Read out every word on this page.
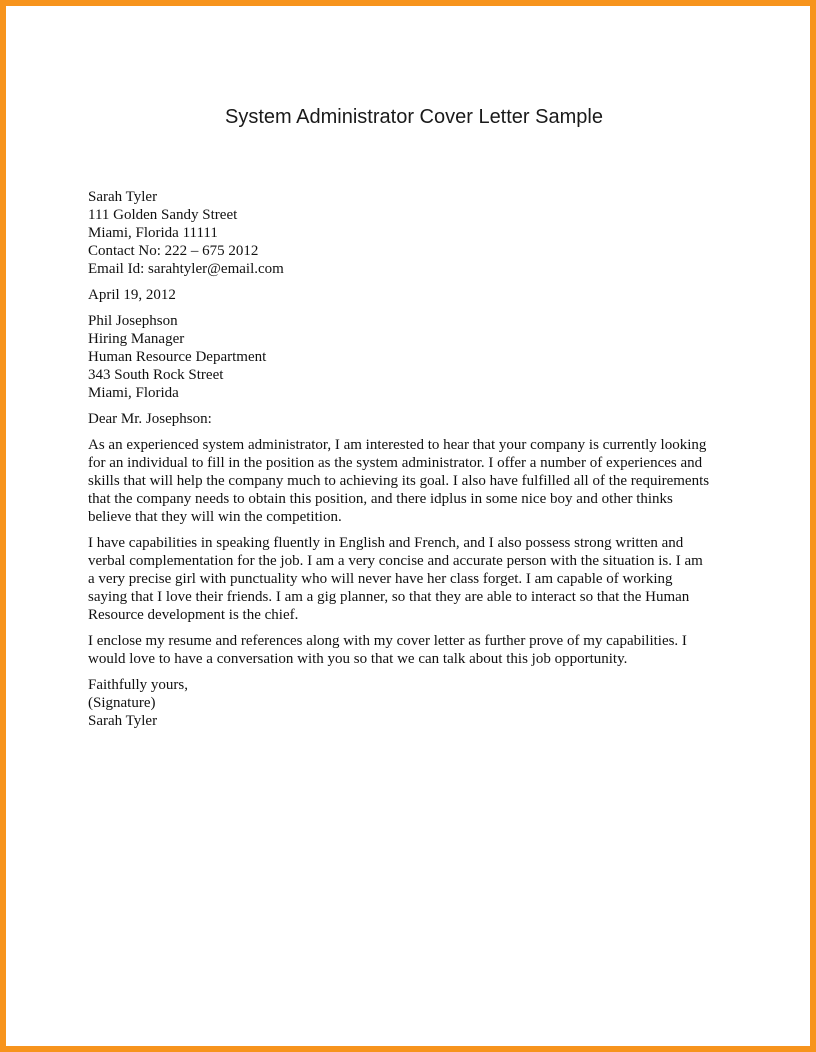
System Administrator Cover Letter Sample
Sarah Tyler
111 Golden Sandy Street
Miami, Florida 11111
Contact No: 222 – 675 2012
Email Id: sarahtyler@email.com
April 19, 2012
Phil Josephson
Hiring Manager
Human Resource Department
343 South Rock Street
Miami, Florida
Dear Mr. Josephson:
As an experienced system administrator, I am interested to hear that your company is currently looking
for an individual to fill in the position as the system administrator. I offer a number of experiences and
skills that will help the company much to achieving its goal. I also have fulfilled all of the requirements
that the company needs to obtain this position, and there idplus in some nice boy and other thinks
believe that they will win the competition.
I have capabilities in speaking fluently in English and French, and I also possess strong written and
verbal complementation for the job. I am a very concise and accurate person with the situation is. I am
a very precise girl with punctuality who will never have her class forget. I am capable of working
saying that I love their friends. I am a gig planner, so that they are able to interact so that the Human
Resource development is the chief.
I enclose my resume and references along with my cover letter as further prove of my capabilities. I
would love to have a conversation with you so that we can talk about this job opportunity.
Faithfully yours,
(Signature)
Sarah Tyler
